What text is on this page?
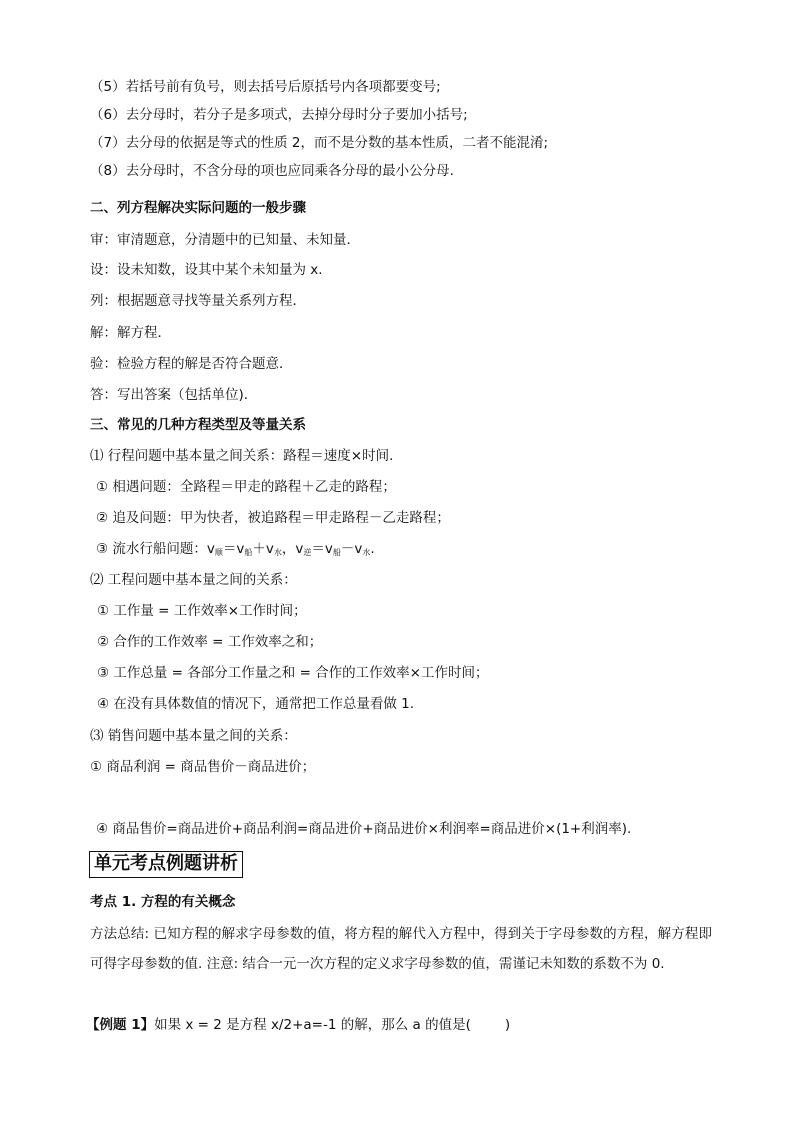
（5）若括号前有负号，则去括号后原括号内各项都要变号;
（6）去分母时，若分子是多项式，去掉分母时分子要加小括号;
（7）去分母的依据是等式的性质 2，而不是分数的基本性质，二者不能混淆;
（8）去分母时，不含分母的项也应同乘各分母的最小公分母.
二、列方程解决实际问题的一般步骤
审：审清题意，分清题中的已知量、未知量．
设：设未知数，设其中某个未知量为 x.
列：根据题意寻找等量关系列方程．
解：解方程．
验：检验方程的解是否符合题意．
答：写出答案（包括单位)．
三、常见的几种方程类型及等量关系
⑴ 行程问题中基本量之间关系：路程＝速度×时间．
① 相遇问题：全路程＝甲走的路程＋乙走的路程；
② 追及问题：甲为快者，被追路程＝甲走路程－乙走路程；
③ 流水行船问题：$v_顺=v_船+v_水$，$v_逆=v_船-v_水$.
⑵ 工程问题中基本量之间的关系：
① 工作量 = 工作效率×工作时间；
② 合作的工作效率 = 工作效率之和；
③ 工作总量 = 各部分工作量之和 = 合作的工作效率×工作时间；
④ 在没有具体数值的情况下，通常把工作总量看做 1.
⑶ 销售问题中基本量之间的关系：
① 商品利润 = 商品售价－商品进价；
④ 商品售价=商品进价+商品利润=商品进价+商品进价×利润率=商品进价×(1+利润率).
单元考点例题讲析
考点 1. 方程的有关概念
方法总结: 已知方程的解求字母参数的值，将方程的解代入方程中，得到关于字母参数的方程，解方程即可得字母参数的值. 注意: 结合一元一次方程的定义求字母参数的值，需谨记未知数的系数不为 0.
【例题 1】如果 x = 2 是方程 x/2+a=-1 的解，那么 a 的值是(	)
